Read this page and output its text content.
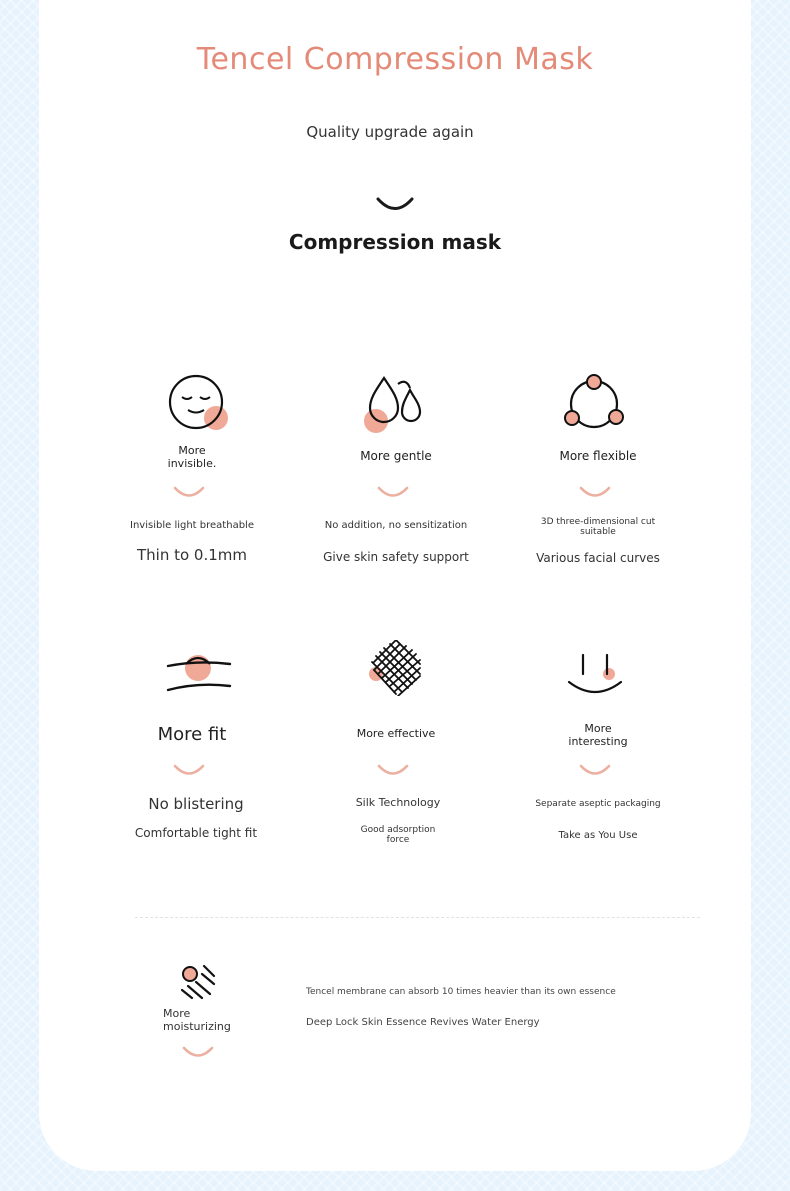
Tencel Compression Mask
Quality upgrade again
Compression mask
More
invisible.
Invisible light breathable
Thin to 0.1mm
More gentle
No addition, no sensitization
Give skin safety support
More flexible
3D three-dimensional cut
suitable
Various facial curves
More fit
No blistering
Comfortable tight fit
More effective
Silk Technology
Good adsorption
force
More
interesting
Separate aseptic packaging
Take as You Use
More
moisturizing
Tencel membrane can absorb 10 times heavier than its own essence
Deep Lock Skin Essence Revives Water Energy
